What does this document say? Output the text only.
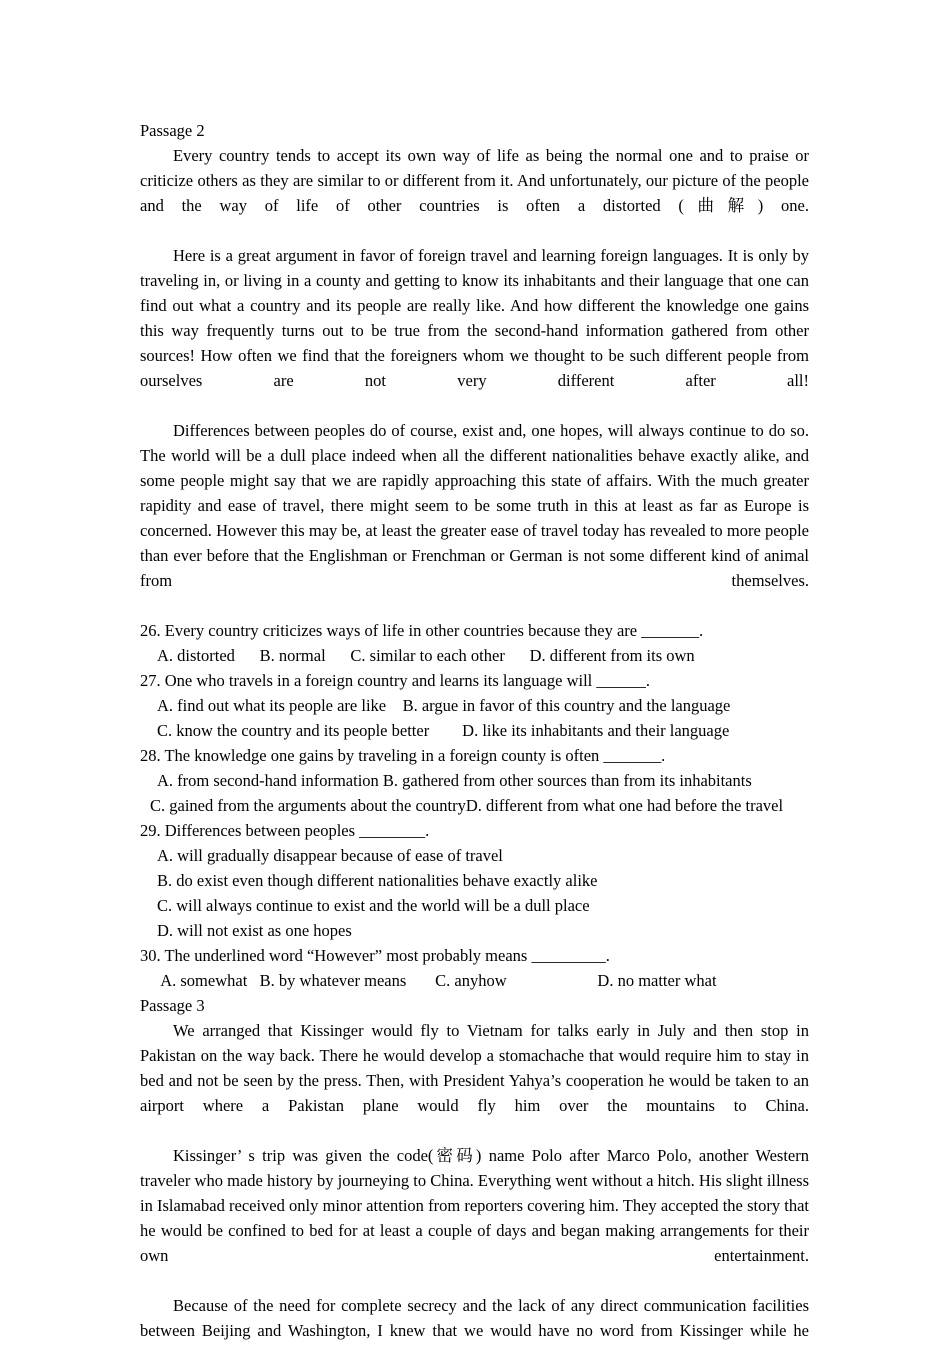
Passage 2

Every country tends to accept its own way of life as being the normal one and to praise or criticize others as they are similar to or different from it. And unfortunately, our picture of the people and the way of life of other countries is often a distorted (曲解) one.

Here is a great argument in favor of foreign travel and learning foreign languages. It is only by traveling in, or living in a county and getting to know its inhabitants and their language that one can find out what a country and its people are really like. And how different the knowledge one gains this way frequently turns out to be true from the second-hand information gathered from other sources! How often we find that the foreigners whom we thought to be such different people from ourselves are not very different after all!

Differences between peoples do of course, exist and, one hopes, will always continue to do so. The world will be a dull place indeed when all the different nationalities behave exactly alike, and some people might say that we are rapidly approaching this state of affairs. With the much greater rapidity and ease of travel, there might seem to be some truth in this at least as far as Europe is concerned. However this may be, at least the greater ease of travel today has revealed to more people than ever before that the Englishman or Frenchman or German is not some different kind of animal from themselves.

26. Every country criticizes ways of life in other countries because they are _______.
A. distorted      B. normal      C. similar to each other      D. different from its own
27. One who travels in a foreign country and learns its language will ______.
A. find out what its people are like    B. argue in favor of this country and the language
C. know the country and its people better        D. like its inhabitants and their language
28. The knowledge one gains by traveling in a foreign county is often _______.
A. from second-hand information B. gathered from other sources than from its inhabitants
C. gained from the arguments about the countryD. different from what one had before the travel
29. Differences between peoples ________.
A. will gradually disappear because of ease of travel
B. do exist even though different nationalities behave exactly alike
C. will always continue to exist and the world will be a dull place
D. will not exist as one hopes
30. The underlined word “However” most probably means _________.
A. somewhat   B. by whatever means       C. anyhow                      D. no matter what
Passage 3

We arranged that Kissinger would fly to Vietnam for talks early in July and then stop in Pakistan on the way back. There he would develop a stomachache that would require him to stay in bed and not be seen by the press. Then, with President Yahya’s cooperation he would be taken to an airport where a Pakistan plane would fly him over the mountains to China.

Kissinger’ s trip was given the code(密码) name Polo after Marco Polo, another Western traveler who made history by journeying to China. Everything went without a hitch. His slight illness in Islamabad received only minor attention from reporters covering him. They accepted the story that he would be confined to bed for at least a couple of days and began making arrangements for their own entertainment.

Because of the need for complete secrecy and the lack of any direct communication facilities between Beijing and Washington, I knew that we would have no word from Kissinger while he
